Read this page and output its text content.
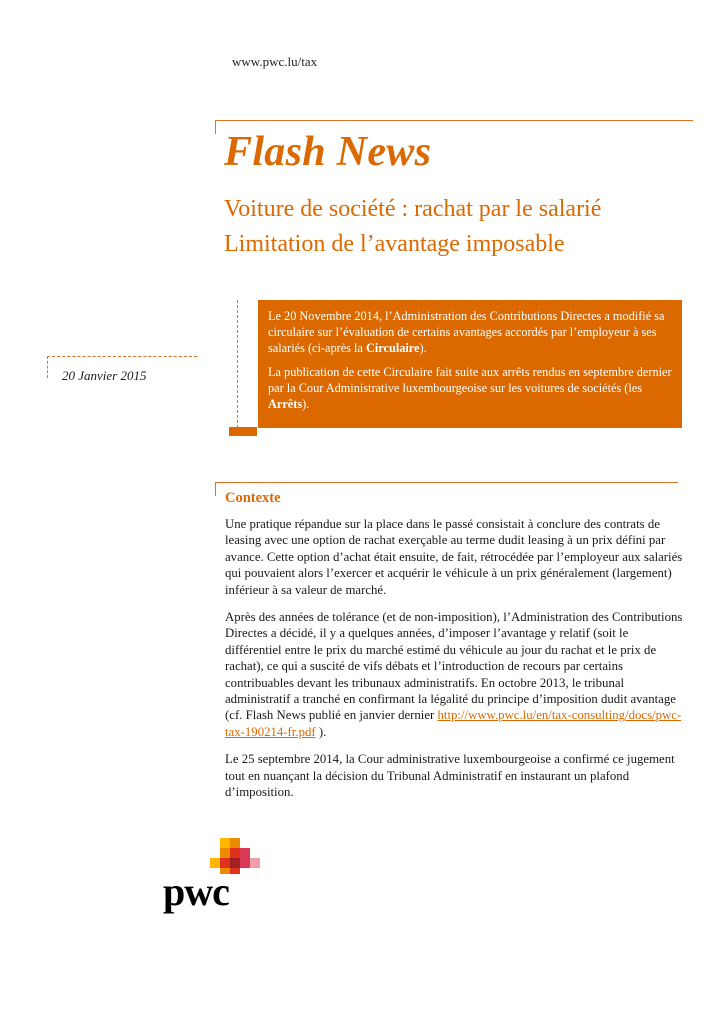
www.pwc.lu/tax
Flash News
Voiture de société : rachat par le salarié
Limitation de l’avantage imposable
20 Janvier 2015

Le 20 Novembre 2014, l’Administration des Contributions Directes a modifié sa circulaire sur l’évaluation de certains avantages accordés par l’employeur à ses salariés (ci-après la Circulaire).

La publication de cette Circulaire fait suite aux arrêts rendus en septembre dernier par la Cour Administrative luxembourgeoise sur les voitures de sociétés (les Arrêts).

Contexte

Une pratique répandue sur la place dans le passé consistait à conclure des contrats de leasing avec une option de rachat exerçable au terme dudit leasing à un prix défini par avance. Cette option d’achat était ensuite, de fait, rétrocédée par l’employeur aux salariés qui pouvaient alors l’exercer et acquérir le véhicule à un prix généralement (largement) inférieur à sa valeur de marché.

Après des années de tolérance (et de non-imposition), l’Administration des Contributions Directes a décidé, il y a quelques années, d’imposer l’avantage y relatif (soit le différentiel entre le prix du marché estimé du véhicule au jour du rachat et le prix de rachat), ce qui a suscité de vifs débats et l’introduction de recours par certains contribuables devant les tribunaux administratifs. En octobre 2013, le tribunal administratif a tranché en confirmant la légalité du principe d’imposition dudit avantage (cf. Flash News publié en janvier dernier http://www.pwc.lu/en/tax-consulting/docs/pwc-tax-190214-fr.pdf ).

Le 25 septembre 2014, la Cour administrative luxembourgeoise a confirmé ce jugement tout en nuançant la décision du Tribunal Administratif en instaurant un plafond d’imposition.

pwc
